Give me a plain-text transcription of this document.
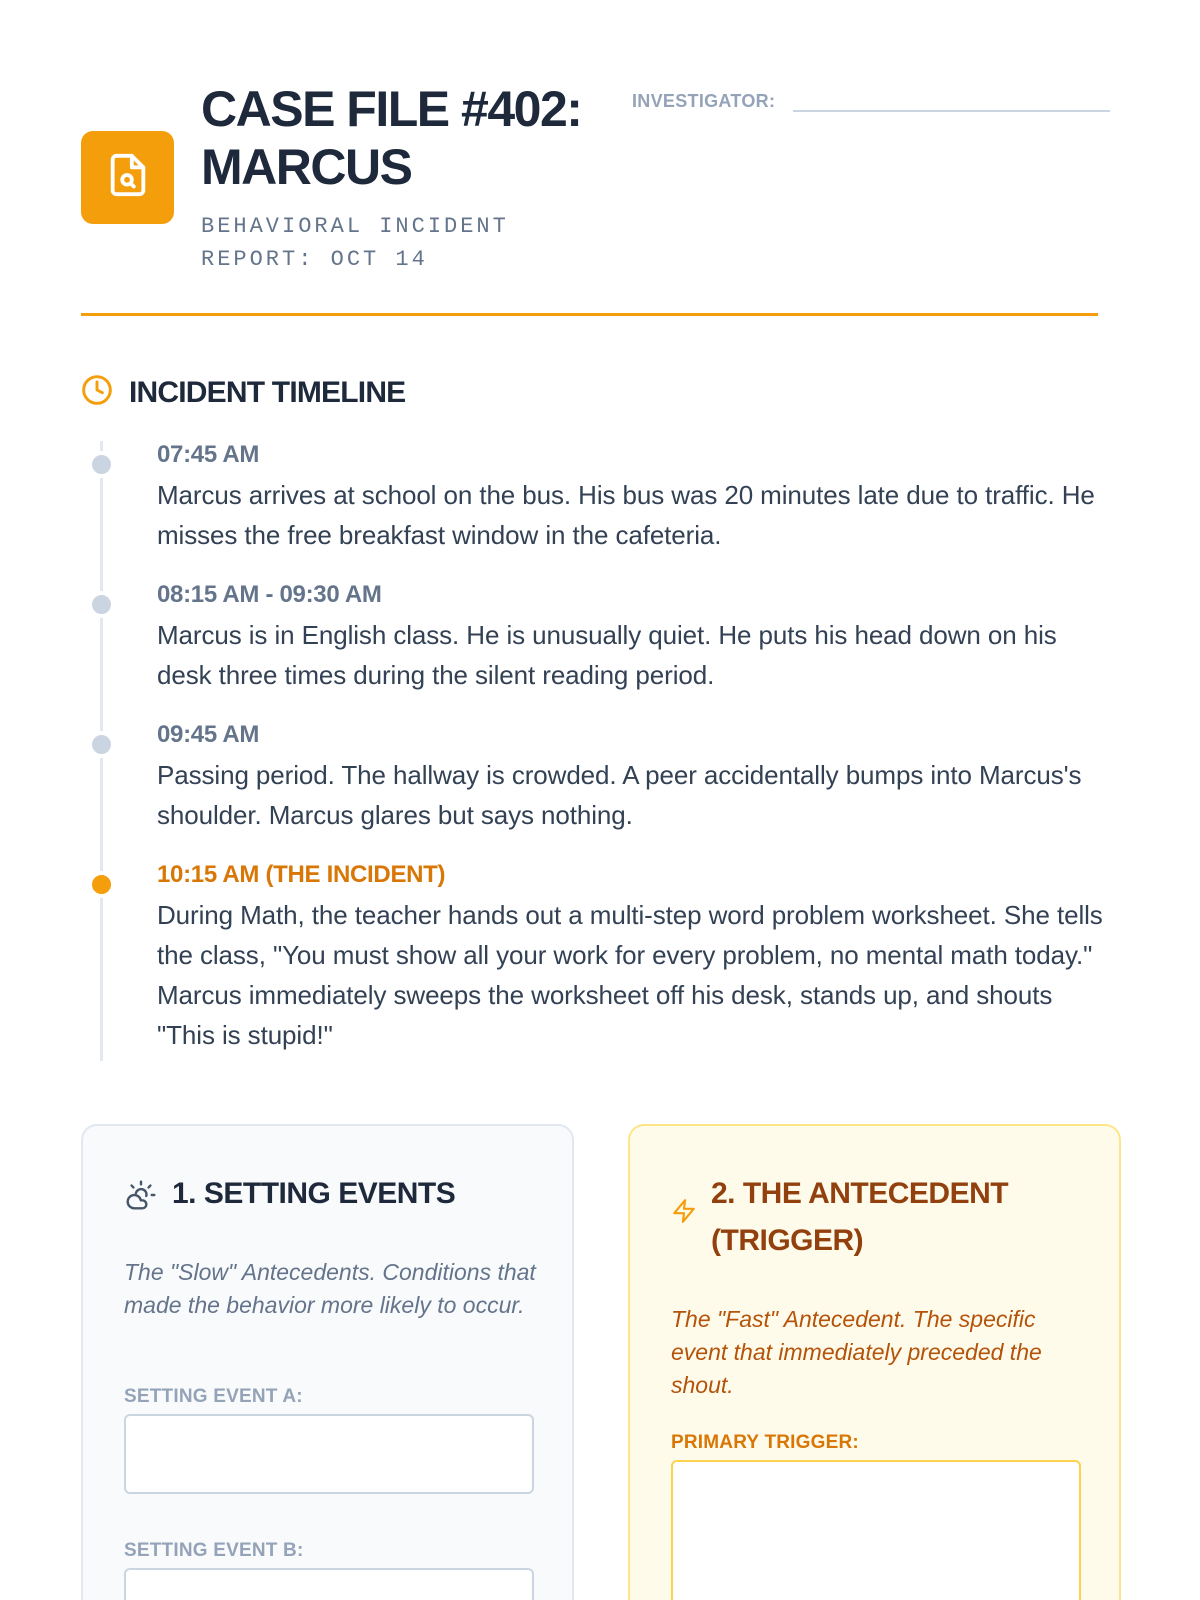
CASE FILE #402: MARCUS
BEHAVIORAL INCIDENT REPORT: OCT 14
INVESTIGATOR:
INCIDENT TIMELINE
07:45 AM
Marcus arrives at school on the bus. His bus was 20 minutes late due to traffic. He misses the free breakfast window in the cafeteria.
08:15 AM - 09:30 AM
Marcus is in English class. He is unusually quiet. He puts his head down on his desk three times during the silent reading period.
09:45 AM
Passing period. The hallway is crowded. A peer accidentally bumps into Marcus's shoulder. Marcus glares but says nothing.
10:15 AM (THE INCIDENT)
During Math, the teacher hands out a multi-step word problem worksheet. She tells the class, "You must show all your work for every problem, no mental math today." Marcus immediately sweeps the worksheet off his desk, stands up, and shouts "This is stupid!"
1. SETTING EVENTS
The "Slow" Antecedents. Conditions that made the behavior more likely to occur.
SETTING EVENT A:
SETTING EVENT B:
2. THE ANTECEDENT (TRIGGER)
The "Fast" Antecedent. The specific event that immediately preceded the shout.
PRIMARY TRIGGER:
